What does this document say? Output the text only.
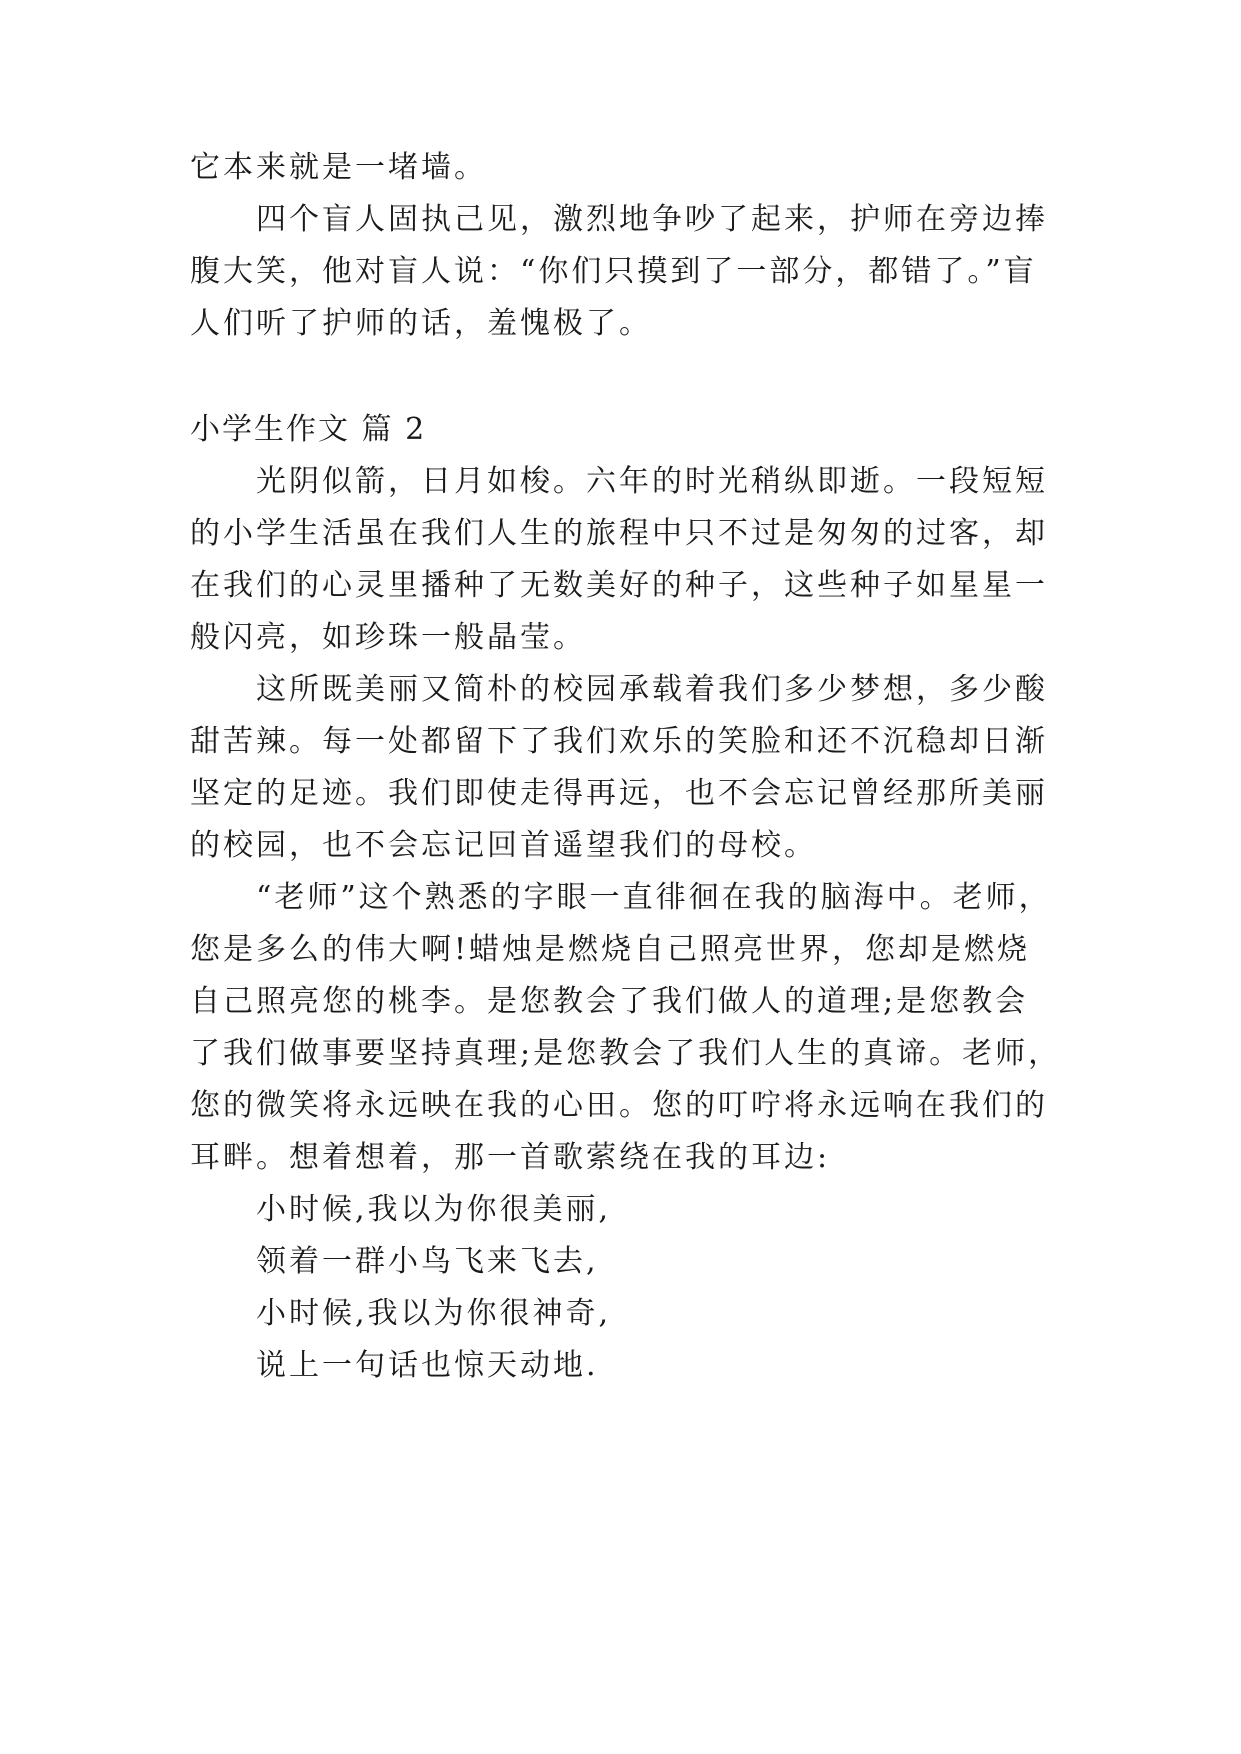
它本来就是一堵墙。
四个盲人固执己见，激烈地争吵了起来，护师在旁边捧
腹大笑，他对盲人说：“你们只摸到了一部分，都错了。”盲
人们听了护师的话，羞愧极了。
小学生作文 篇 2
光阴似箭，日月如梭。六年的时光稍纵即逝。一段短短
的小学生活虽在我们人生的旅程中只不过是匆匆的过客，却
在我们的心灵里播种了无数美好的种子，这些种子如星星一
般闪亮，如珍珠一般晶莹。
这所既美丽又简朴的校园承载着我们多少梦想，多少酸
甜苦辣。每一处都留下了我们欢乐的笑脸和还不沉稳却日渐
坚定的足迹。我们即使走得再远，也不会忘记曾经那所美丽
的校园，也不会忘记回首遥望我们的母校。
“老师”这个熟悉的字眼一直徘徊在我的脑海中。老师，
您是多么的伟大啊!蜡烛是燃烧自己照亮世界，您却是燃烧
自己照亮您的桃李。是您教会了我们做人的道理;是您教会
了我们做事要坚持真理;是您教会了我们人生的真谛。老师，
您的微笑将永远映在我的心田。您的叮咛将永远响在我们的
耳畔。想着想着，那一首歌萦绕在我的耳边:
小时候,我以为你很美丽,
领着一群小鸟飞来飞去,
小时候,我以为你很神奇,
说上一句话也惊天动地.
